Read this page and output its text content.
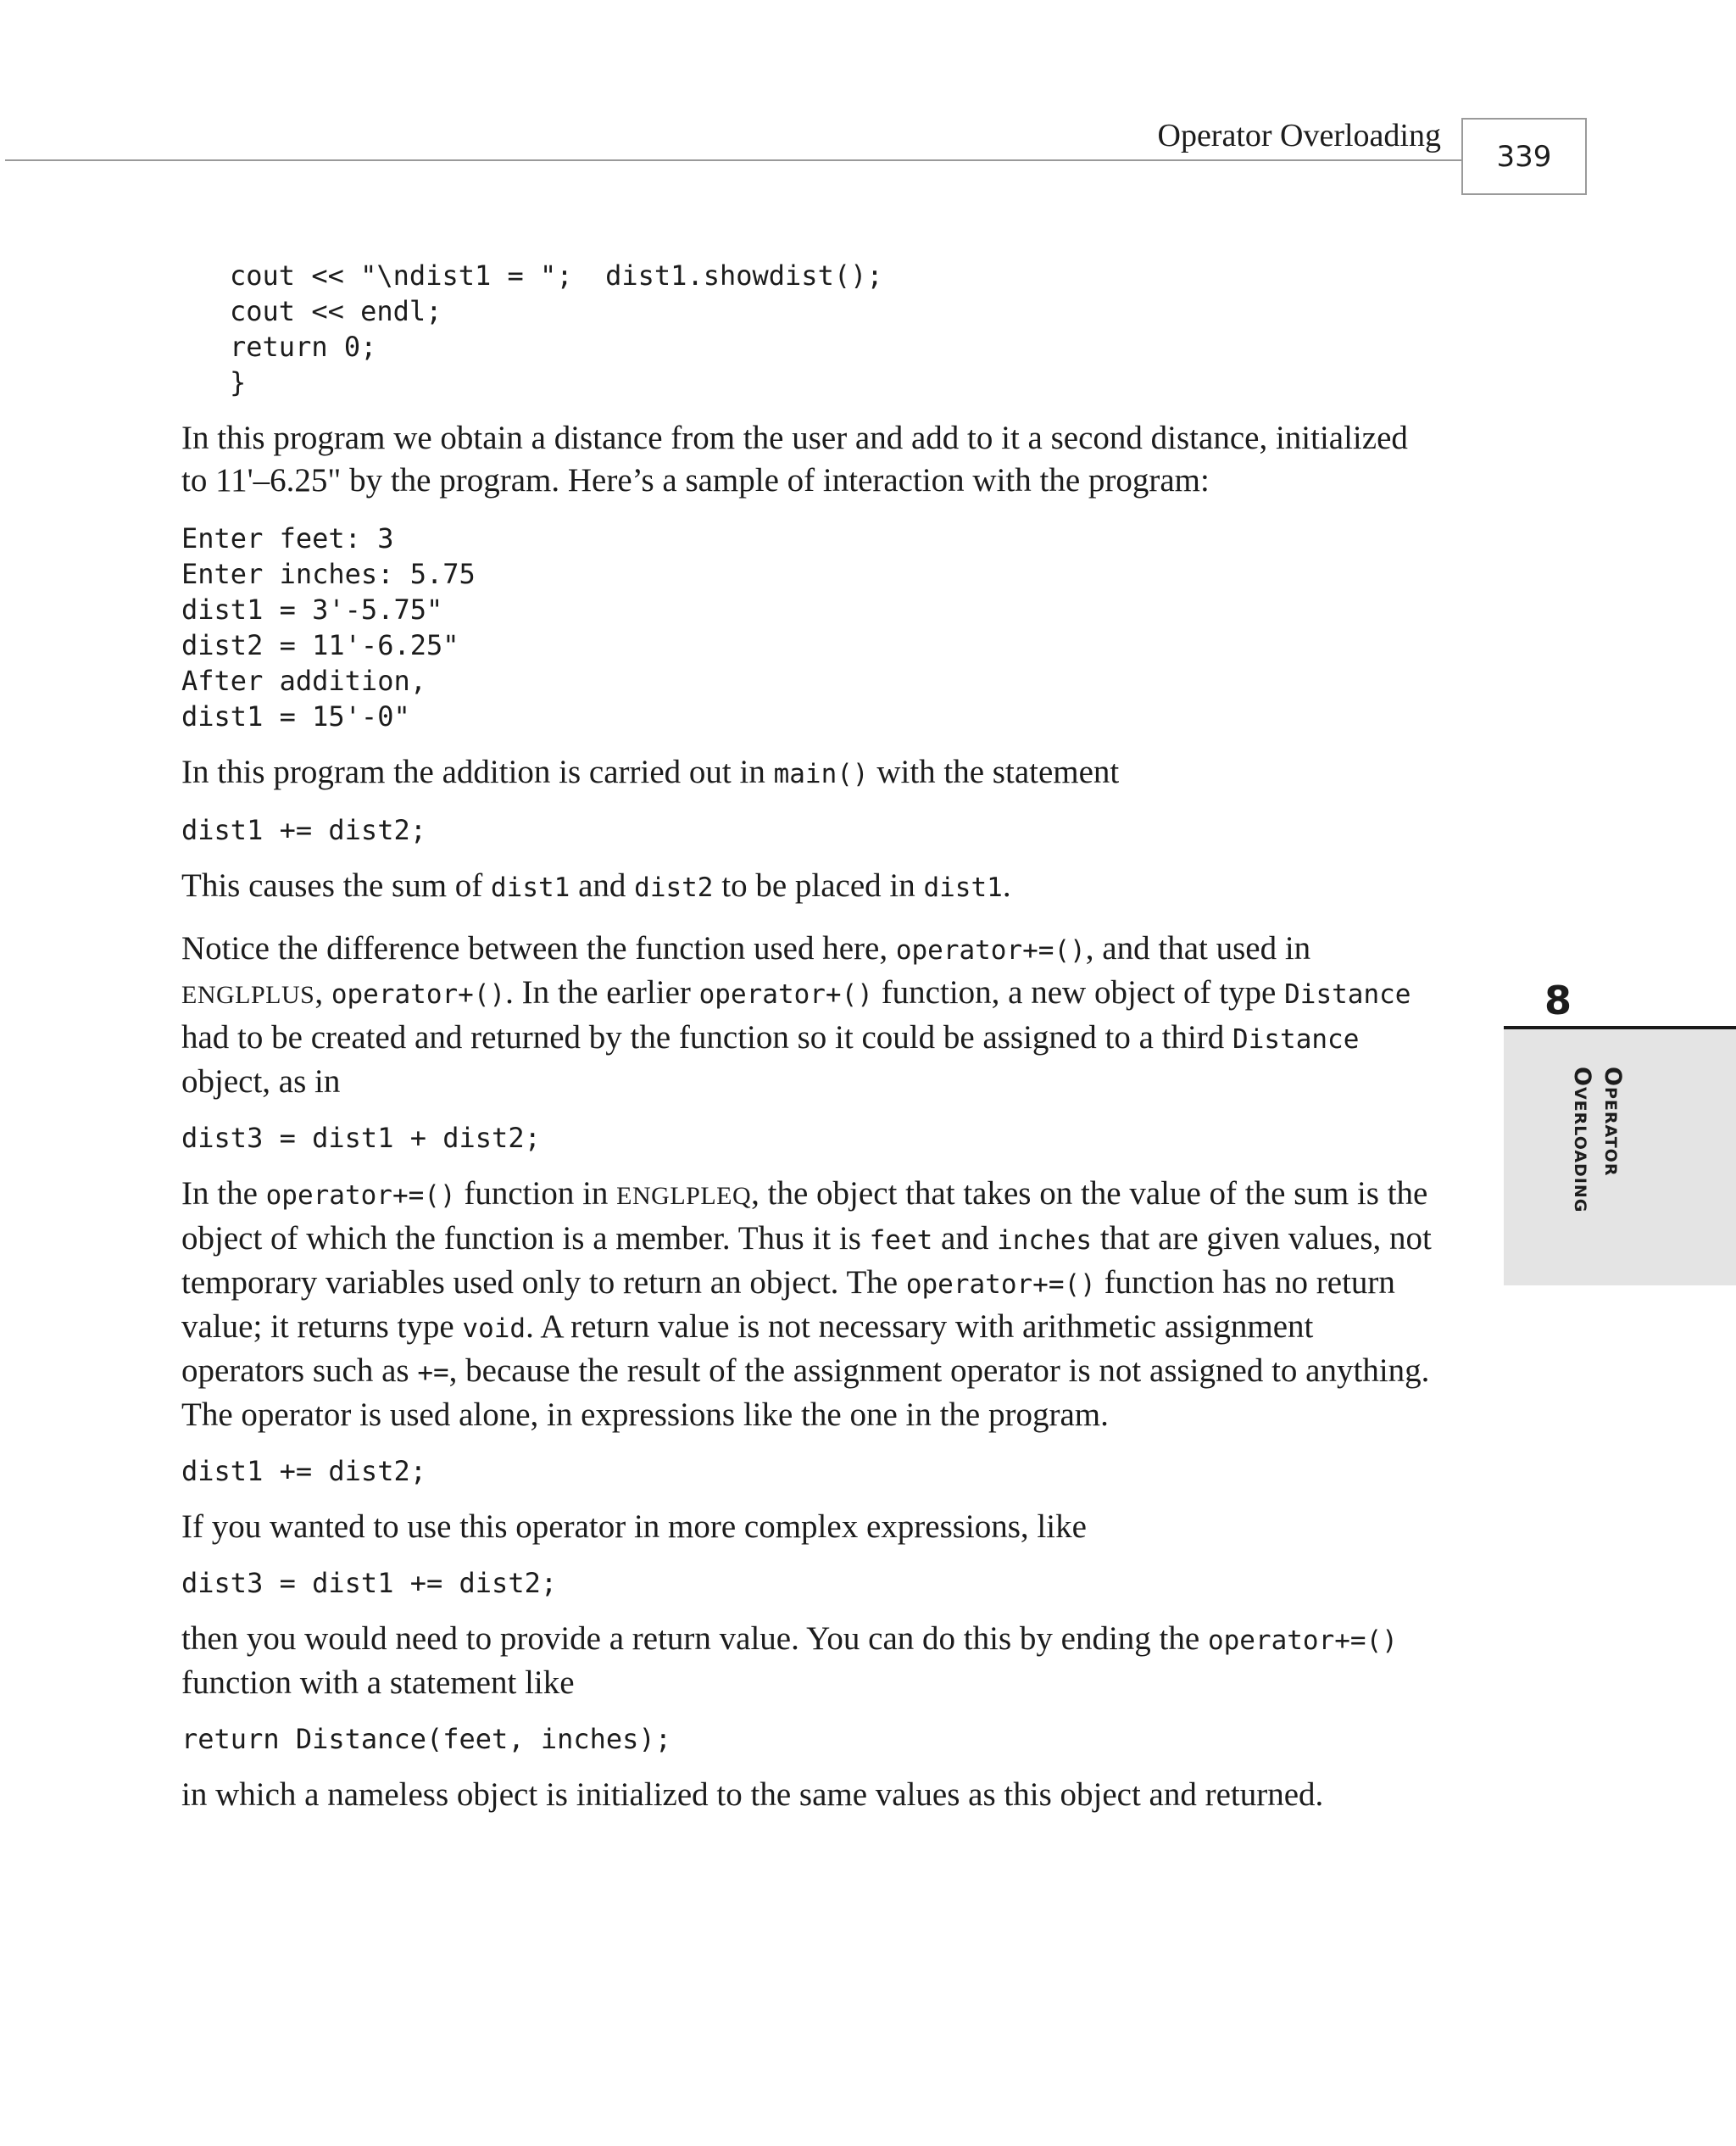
Operator Overloading
339
cout << "\ndist1 = ";  dist1.showdist();
cout << endl;
return 0;
}

In this program we obtain a distance from the user and add to it a second distance, initialized to 11'–6.25" by the program. Here’s a sample of interaction with the program:

Enter feet: 3
Enter inches: 5.75
dist1 = 3'-5.75"
dist2 = 11'-6.25"
After addition,
dist1 = 15'-0"

In this program the addition is carried out in main() with the statement

dist1 += dist2;

This causes the sum of dist1 and dist2 to be placed in dist1.

Notice the difference between the function used here, operator+=(), and that used in ENGLPLUS, operator+(). In the earlier operator+() function, a new object of type Distance had to be created and returned by the function so it could be assigned to a third Distance object, as in

dist3 = dist1 + dist2;

In the operator+=() function in ENGLPLEQ, the object that takes on the value of the sum is the object of which the function is a member. Thus it is feet and inches that are given values, not temporary variables used only to return an object. The operator+=() function has no return value; it returns type void. A return value is not necessary with arithmetic assignment operators such as +=, because the result of the assignment operator is not assigned to anything. The operator is used alone, in expressions like the one in the program.

dist1 += dist2;

If you wanted to use this operator in more complex expressions, like

dist3 = dist1 += dist2;

then you would need to provide a return value. You can do this by ending the operator+=() function with a statement like

return Distance(feet, inches);

in which a nameless object is initialized to the same values as this object and returned.

8
Operator
Overloading
